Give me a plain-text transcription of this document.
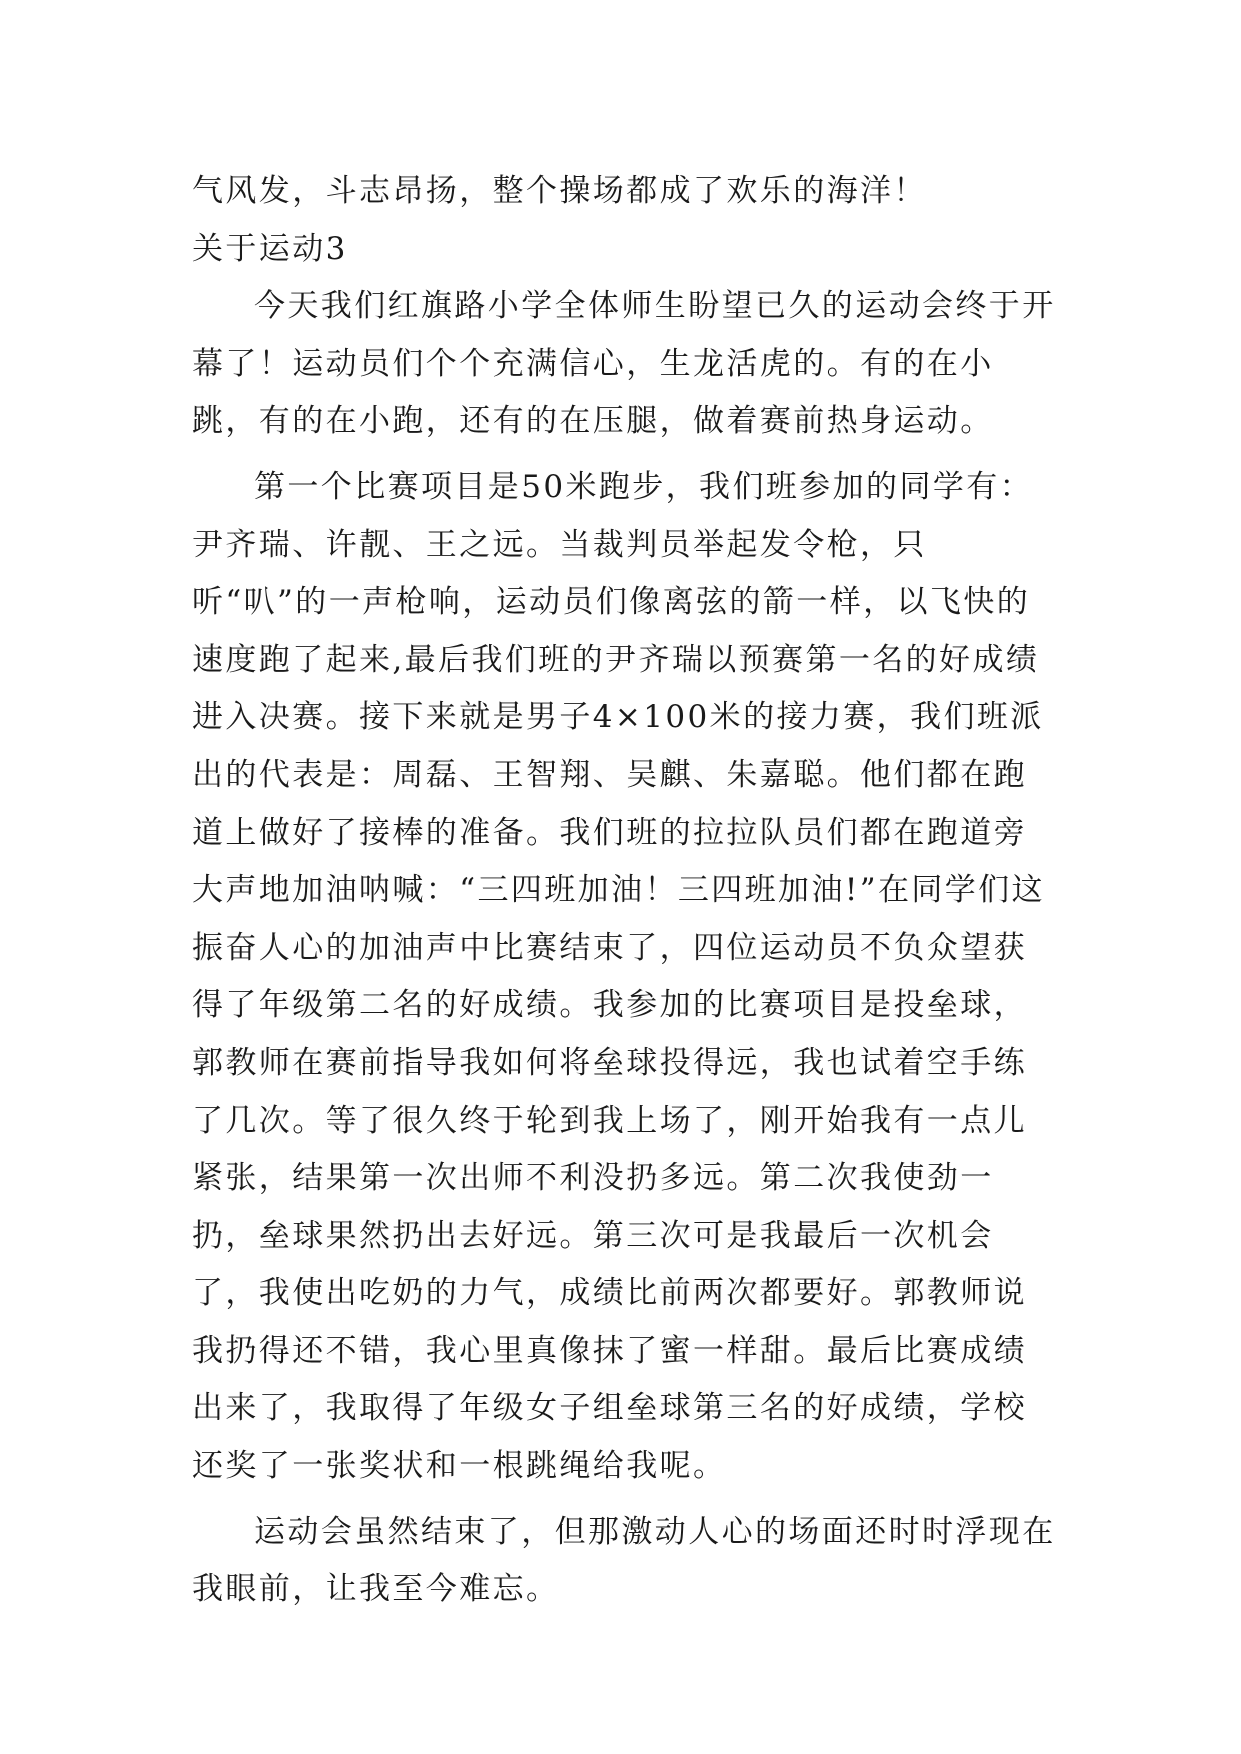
气风发，斗志昂扬，整个操场都成了欢乐的海洋！

关于运动3

今天我们红旗路小学全体师生盼望已久的运动会终于开幕了！运动员们个个充满信心，生龙活虎的。有的在小跳，有的在小跑，还有的在压腿，做着赛前热身运动。

第一个比赛项目是50米跑步，我们班参加的同学有：尹齐瑞、许靓、王之远。当裁判员举起发令枪，只听“叭”的一声枪响，运动员们像离弦的箭一样，以飞快的速度跑了起来,最后我们班的尹齐瑞以预赛第一名的好成绩进入决赛。接下来就是男子4×100米的接力赛，我们班派出的代表是：周磊、王智翔、吴麒、朱嘉聪。他们都在跑道上做好了接棒的准备。我们班的拉拉队员们都在跑道旁大声地加油呐喊：“三四班加油！三四班加油!”在同学们这振奋人心的加油声中比赛结束了，四位运动员不负众望获得了年级第二名的好成绩。我参加的比赛项目是投垒球，郭教师在赛前指导我如何将垒球投得远，我也试着空手练了几次。等了很久终于轮到我上场了，刚开始我有一点儿紧张，结果第一次出师不利没扔多远。第二次我使劲一扔，垒球果然扔出去好远。第三次可是我最后一次机会了，我使出吃奶的力气，成绩比前两次都要好。郭教师说我扔得还不错，我心里真像抹了蜜一样甜。最后比赛成绩出来了，我取得了年级女子组垒球第三名的好成绩，学校还奖了一张奖状和一根跳绳给我呢。

运动会虽然结束了，但那激动人心的场面还时时浮现在我眼前，让我至今难忘。
